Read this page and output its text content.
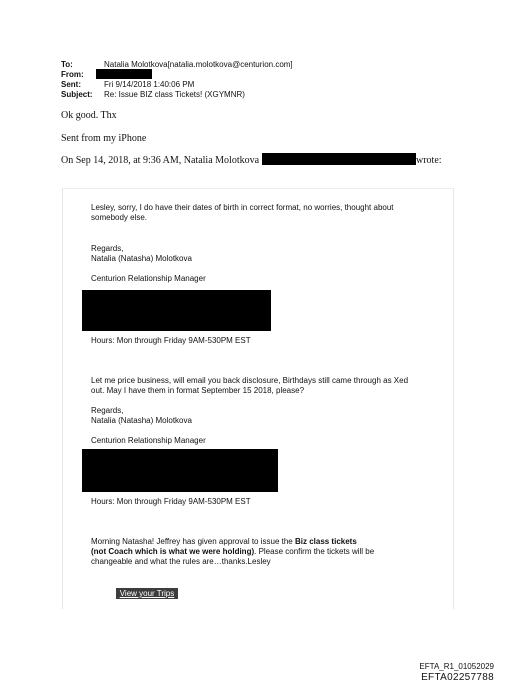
To:	Natalia Molotkova[natalia.molotkova@centurion.com]
From:
Sent:	Fri 9/14/2018 1:40:06 PM
Subject: Re: Issue BIZ class Tickets! (XGYMNR)
Ok good. Thx
Sent from my iPhone
On Sep 14, 2018, at 9:36 AM, Natalia Molotkova	wrote:
Lesley, sorry, I do have their dates of birth in correct format, no worries, thought about
somebody else.
Regards,
Natalia (Natasha) Molotkova
Centurion Relationship Manager
Hours: Mon through Friday 9AM-530PM EST
Let me price business, will email you back disclosure, Birthdays still came through as Xed
out. May I have them in format September 15 2018, please?
Regards,
Natalia (Natasha) Molotkova
Centurion Relationship Manager
Hours: Mon through Friday 9AM-530PM EST
Morning Natasha! Jeffrey has given approval to issue the Biz class tickets
(not Coach which is what we were holding). Please confirm the tickets will be
changeable and what the rules are…thanks.Lesley
View your Trips
EFTA_R1_01052029
EFTA02257788
